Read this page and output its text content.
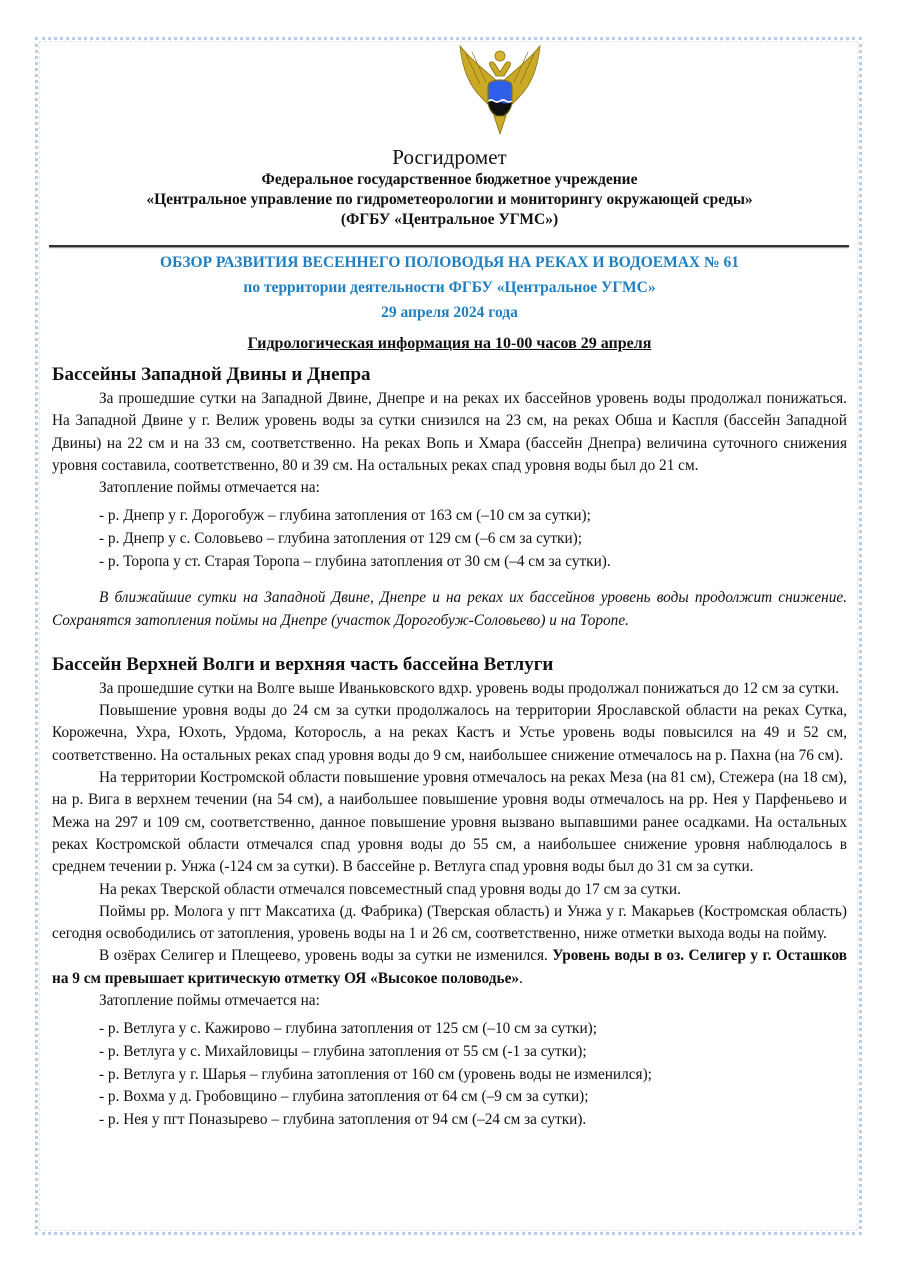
Росгидромет
Федеральное государственное бюджетное учреждение
«Центральное управление по гидрометеорологии и мониторингу окружающей среды»
(ФГБУ «Центральное УГМС»)
ОБЗОР РАЗВИТИЯ ВЕСЕННЕГО ПОЛОВОДЬЯ НА РЕКАХ И ВОДОЕМАХ № 61
по территории деятельности ФГБУ «Центральное УГМС»
29 апреля 2024 года
Гидрологическая информация на 10-00 часов 29 апреля
Бассейны Западной Двины и Днепра

За прошедшие сутки на Западной Двине, Днепре и на реках их бассейнов уровень воды продолжал понижаться. На Западной Двине у г. Велиж уровень воды за сутки снизился на 23 см, на реках Обша и Каспля (бассейн Западной Двины) на 22 см и на 33 см, соответственно. На реках Вопь и Хмара (бассейн Днепра) величина суточного снижения уровня составила, соответственно, 80 и 39 см. На остальных реках спад уровня воды был до 21 см.

Затопление поймы отмечается на:

- р. Днепр у г. Дорогобуж – глубина затопления от 163 см (–10 см за сутки);
- р. Днепр у с. Соловьево – глубина затопления от 129 см (–6 см за сутки);
- р. Торопа у ст. Старая Торопа – глубина затопления от 30 см (–4 см за сутки).

В ближайшие сутки на Западной Двине, Днепре и на реках их бассейнов уровень воды продолжит снижение. Сохранятся затопления поймы на Днепре (участок Дорогобуж-Соловьево) и на Торопе.

Бассейн Верхней Волги и верхняя часть бассейна Ветлуги

За прошедшие сутки на Волге выше Иваньковского вдхр. уровень воды продолжал понижаться до 12 см за сутки.

Повышение уровня воды до 24 см за сутки продолжалось на территории Ярославской области на реках Сутка, Корожечна, Ухра, Юхоть, Урдома, Которосль, а на реках Кастъ и Устье уровень воды повысился на 49 и 52 см, соответственно. На остальных реках спад уровня воды до 9 см, наибольшее снижение отмечалось на р. Пахна (на 76 см).

На территории Костромской области повышение уровня отмечалось на реках Меза (на 81 см), Стежера (на 18 см), на р. Вига в верхнем течении (на 54 см), а наибольшее повышение уровня воды отмечалось на рр. Нея у Парфеньево и Межа на 297 и 109 см, соответственно, данное повышение уровня вызвано выпавшими ранее осадками. На остальных реках Костромской области отмечался спад уровня воды до 55 см, а наибольшее снижение уровня наблюдалось в среднем течении р. Унжа (-124 см за сутки). В бассейне р. Ветлуга спад уровня воды был до 31 см за сутки.

На реках Тверской области отмечался повсеместный спад уровня воды до 17 см за сутки.

Поймы рр. Молога у пгт Максатиха (д. Фабрика) (Тверская область) и Унжа у г. Макарьев (Костромская область) сегодня освободились от затопления, уровень воды на 1 и 26 см, соответственно, ниже отметки выхода воды на пойму.

В озёрах Селигер и Плещеево, уровень воды за сутки не изменился. Уровень воды в оз. Селигер у г. Осташков на 9 см превышает критическую отметку ОЯ «Высокое половодье».

Затопление поймы отмечается на:

- р. Ветлуга у с. Кажирово – глубина затопления от 125 см (–10 см за сутки);
- р. Ветлуга у с. Михайловицы – глубина затопления от 55 см (-1 за сутки);
- р. Ветлуга у г. Шарья – глубина затопления от 160 см (уровень воды не изменился);
- р. Вохма у д. Гробовщино – глубина затопления от 64 см (–9 см за сутки);
- р. Нея у пгт Поназырево – глубина затопления от 94 см (–24 см за сутки).
